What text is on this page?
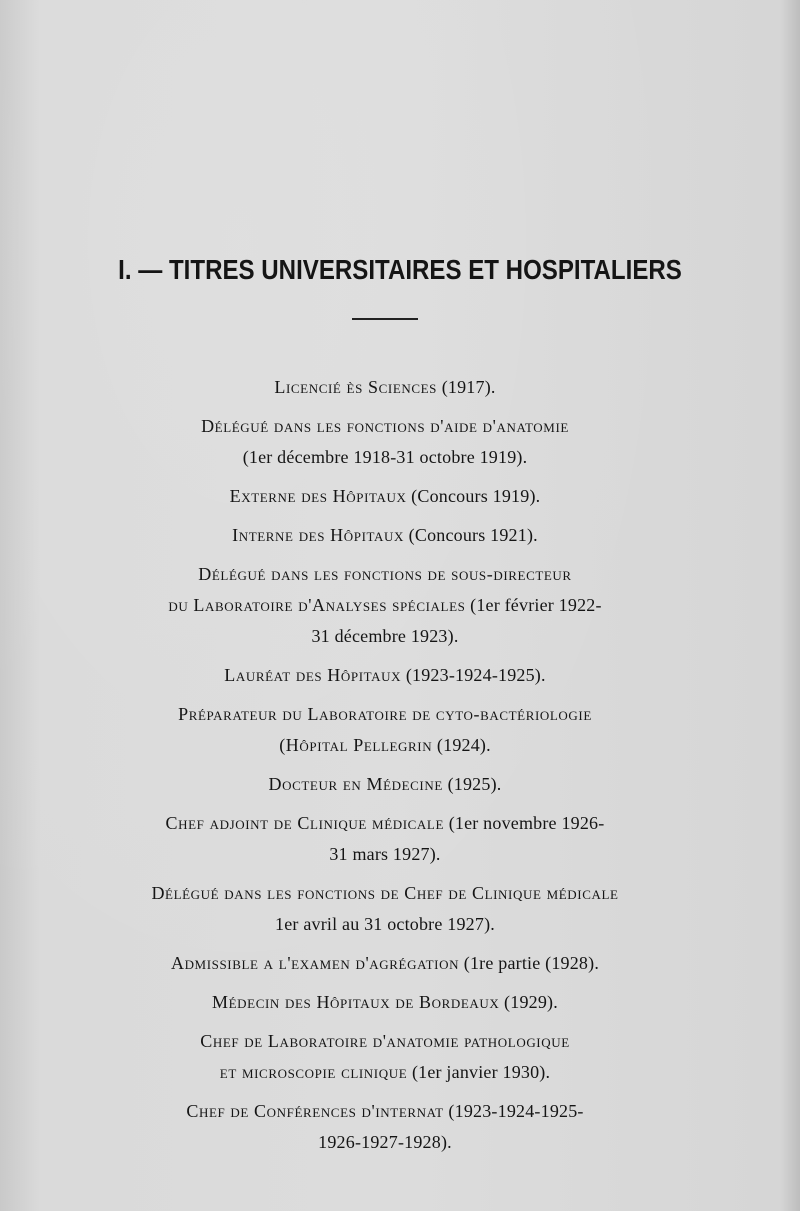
I. — TITRES UNIVERSITAIRES ET HOSPITALIERS

Licencié ès Sciences (1917).

Délégué dans les fonctions d'aide d'anatomie
(1er décembre 1918-31 octobre 1919).

Externe des Hôpitaux (Concours 1919).

Interne des Hôpitaux (Concours 1921).

Délégué dans les fonctions de sous-directeur
du Laboratoire d'Analyses spéciales (1er février 1922-
31 décembre 1923).

Lauréat des Hôpitaux (1923-1924-1925).

Préparateur du Laboratoire de cyto-bactériologie
(Hôpital Pellegrin (1924).

Docteur en Médecine (1925).

Chef adjoint de Clinique médicale (1er novembre 1926-
31 mars 1927).

Délégué dans les fonctions de Chef de Clinique médicale
1er avril au 31 octobre 1927).

Admissible a l'examen d'agrégation (1re partie (1928).

Médecin des Hôpitaux de Bordeaux (1929).

Chef de Laboratoire d'anatomie pathologique
et microscopie clinique (1er janvier 1930).

Chef de Conférences d'internat (1923-1924-1925-
1926-1927-1928).
